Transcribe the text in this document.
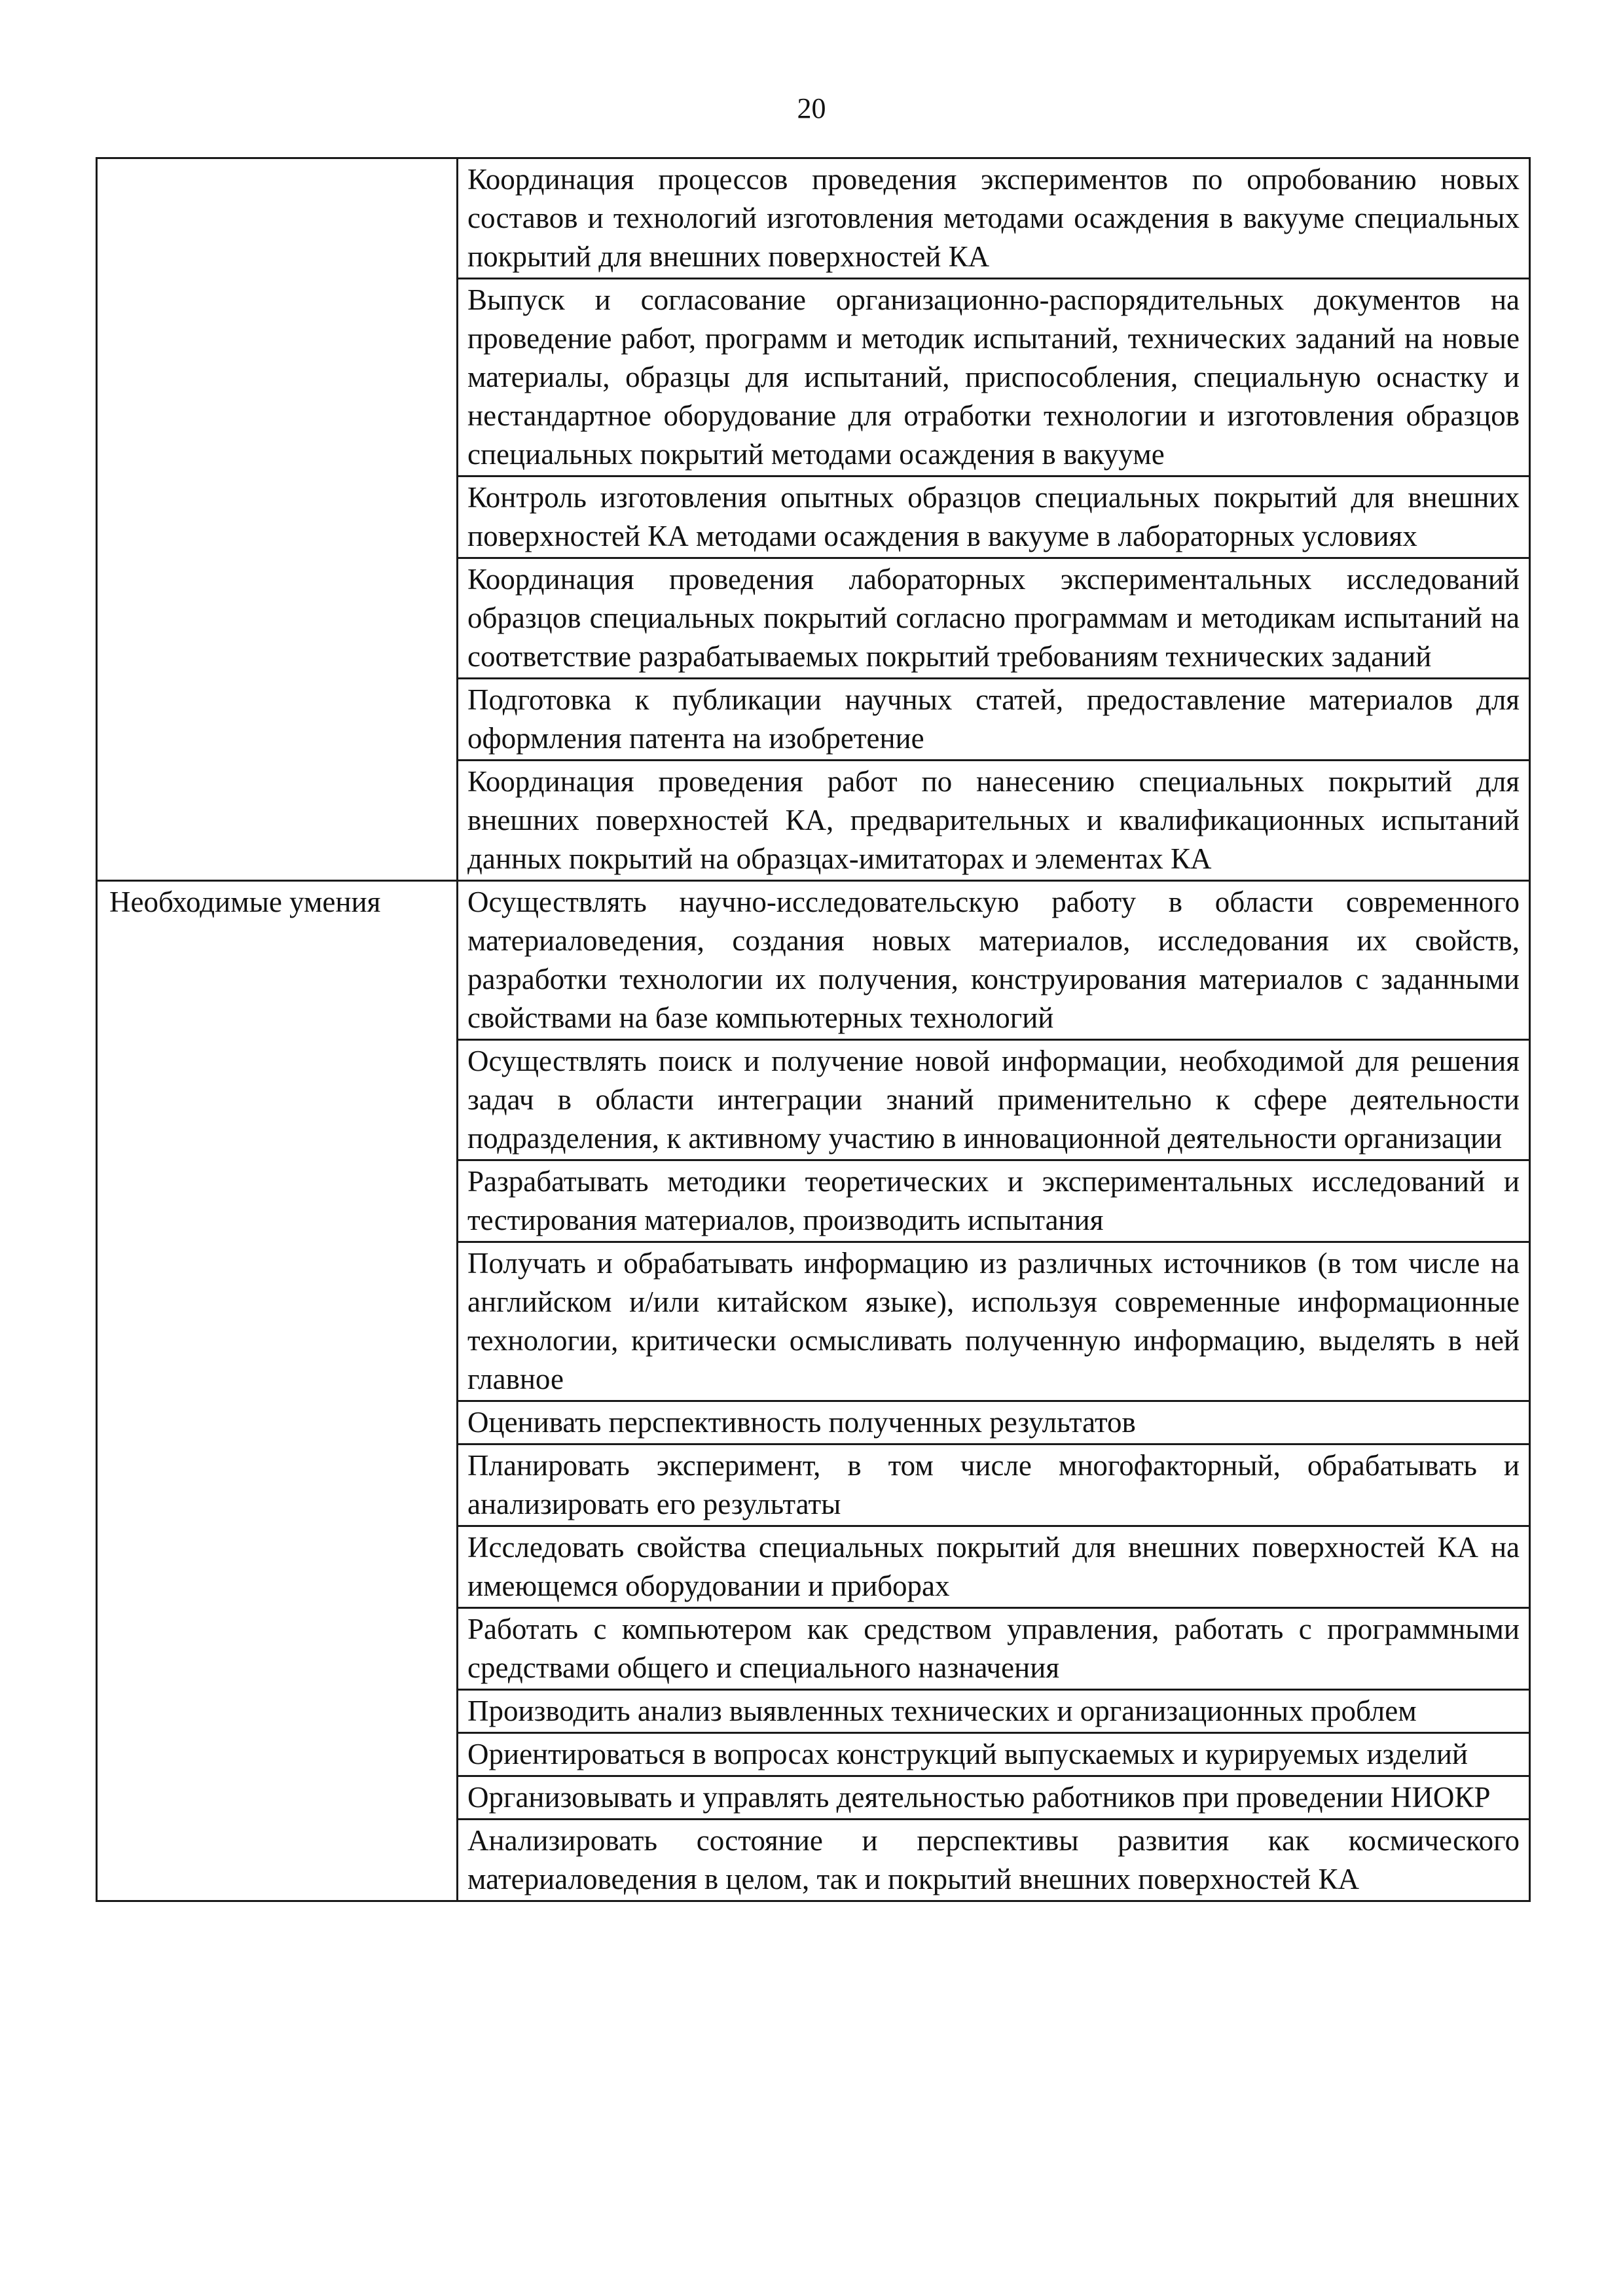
20
	Координация процессов проведения экспериментов по опробованию новых составов и технологий изготовления методами осаждения в вакууме специальных покрытий для внешних поверхностей КА
	Выпуск и согласование организационно-распорядительных документов на проведение работ, программ и методик испытаний, технических заданий на новые материалы, образцы для испытаний, приспособления, специальную оснастку и нестандартное оборудование для отработки технологии и изготовления образцов специальных покрытий методами осаждения в вакууме
	Контроль изготовления опытных образцов специальных покрытий для внешних поверхностей КА методами осаждения в вакууме в лабораторных условиях
	Координация проведения лабораторных экспериментальных исследований образцов специальных покрытий согласно программам и методикам испытаний на соответствие разрабатываемых покрытий требованиям технических заданий
	Подготовка к публикации научных статей, предоставление материалов для оформления патента на изобретение
	Координация проведения работ по нанесению специальных покрытий для внешних поверхностей КА, предварительных и квалификационных испытаний данных покрытий на образцах-имитаторах и элементах КА
Необходимые умения	Осуществлять научно-исследовательскую работу в области современного материаловедения, создания новых материалов, исследования их свойств, разработки технологии их получения, конструирования материалов с заданными свойствами на базе компьютерных технологий
	Осуществлять поиск и получение новой информации, необходимой для решения задач в области интеграции знаний применительно к сфере деятельности подразделения, к активному участию в инновационной деятельности организации
	Разрабатывать методики теоретических и экспериментальных исследований и тестирования материалов, производить испытания
	Получать и обрабатывать информацию из различных источников (в том числе на английском и/или китайском языке), используя современные информационные технологии, критически осмысливать полученную информацию, выделять в ней главное
	Оценивать перспективность полученных результатов
	Планировать эксперимент, в том числе многофакторный, обрабатывать и анализировать его результаты
	Исследовать свойства специальных покрытий для внешних поверхностей КА на имеющемся оборудовании и приборах
	Работать с компьютером как средством управления, работать с программными средствами общего и специального назначения
	Производить анализ выявленных технических и организационных проблем
	Ориентироваться в вопросах конструкций выпускаемых и курируемых изделий
	Организовывать и управлять деятельностью работников при проведении НИОКР
	Анализировать состояние и перспективы развития как космического материаловедения в целом, так и покрытий внешних поверхностей КА
